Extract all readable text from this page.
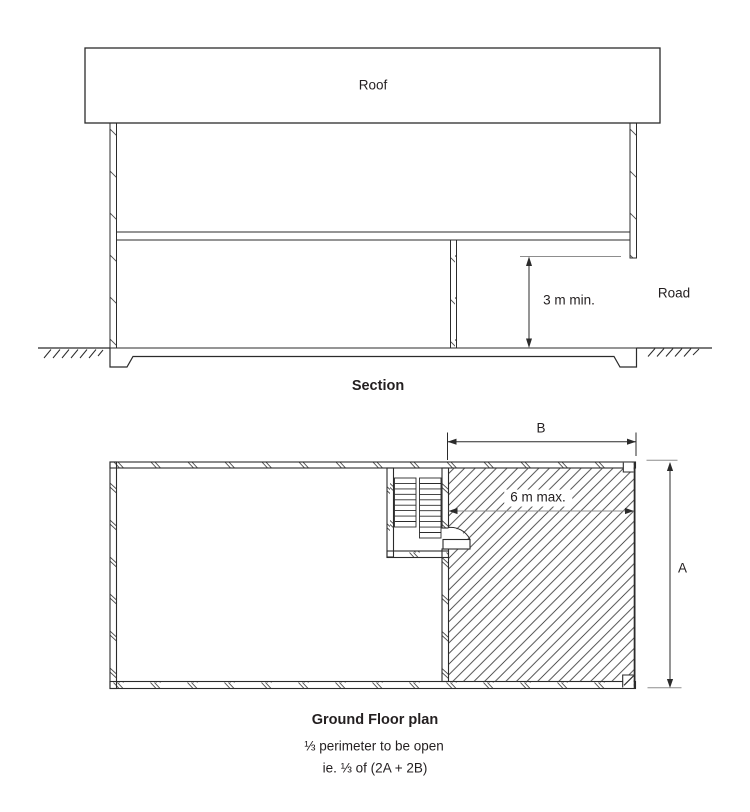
Roof
3 m min.	Road
Section
B
A
6 m max.
Ground Floor plan
⅓ perimeter to be open
ie. ⅓ of (2A + 2B)
